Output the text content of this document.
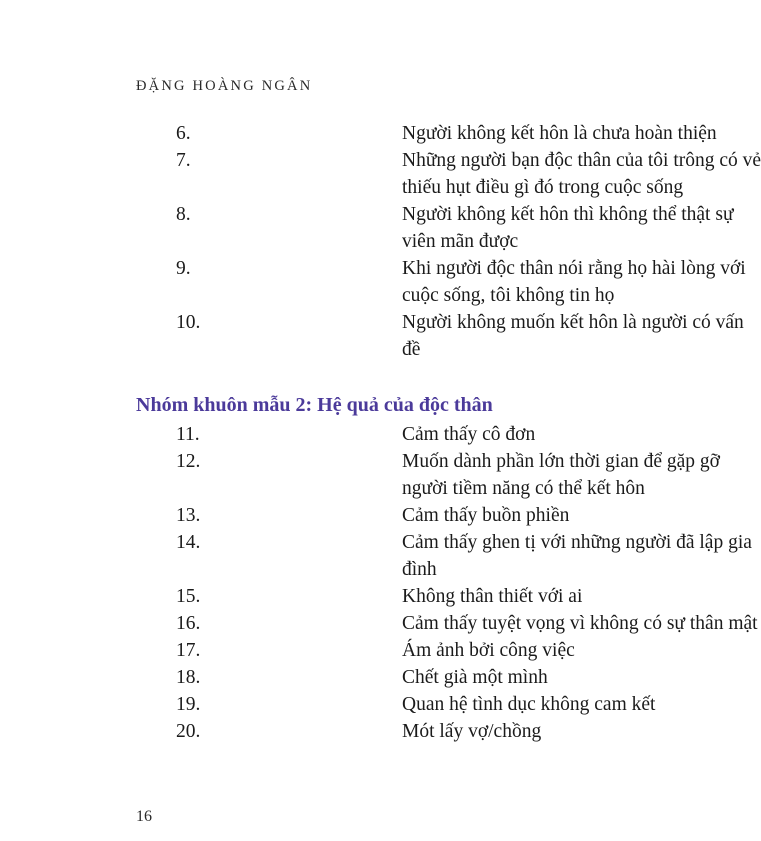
ĐẶNG HOÀNG NGÂN
6.	Người không kết hôn là chưa hoàn thiện
7.	Những người bạn độc thân của tôi trông có vẻ
thiếu hụt điều gì đó trong cuộc sống
8.	Người không kết hôn thì không thể thật sự
viên mãn được
9.	Khi người độc thân nói rằng họ hài lòng với
cuộc sống, tôi không tin họ
10.	Người không muốn kết hôn là người có vấn
đề
Nhóm khuôn mẫu 2: Hệ quả của độc thân
11.	Cảm thấy cô đơn
12.	Muốn dành phần lớn thời gian để gặp gỡ
người tiềm năng có thể kết hôn
13.	Cảm thấy buồn phiền
14.	Cảm thấy ghen tị với những người đã lập gia
đình
15.	Không thân thiết với ai
16.	Cảm thấy tuyệt vọng vì không có sự thân mật
17.	Ám ảnh bởi công việc
18.	Chết già một mình
19.	Quan hệ tình dục không cam kết
20.	Mót lấy vợ/chồng
16
